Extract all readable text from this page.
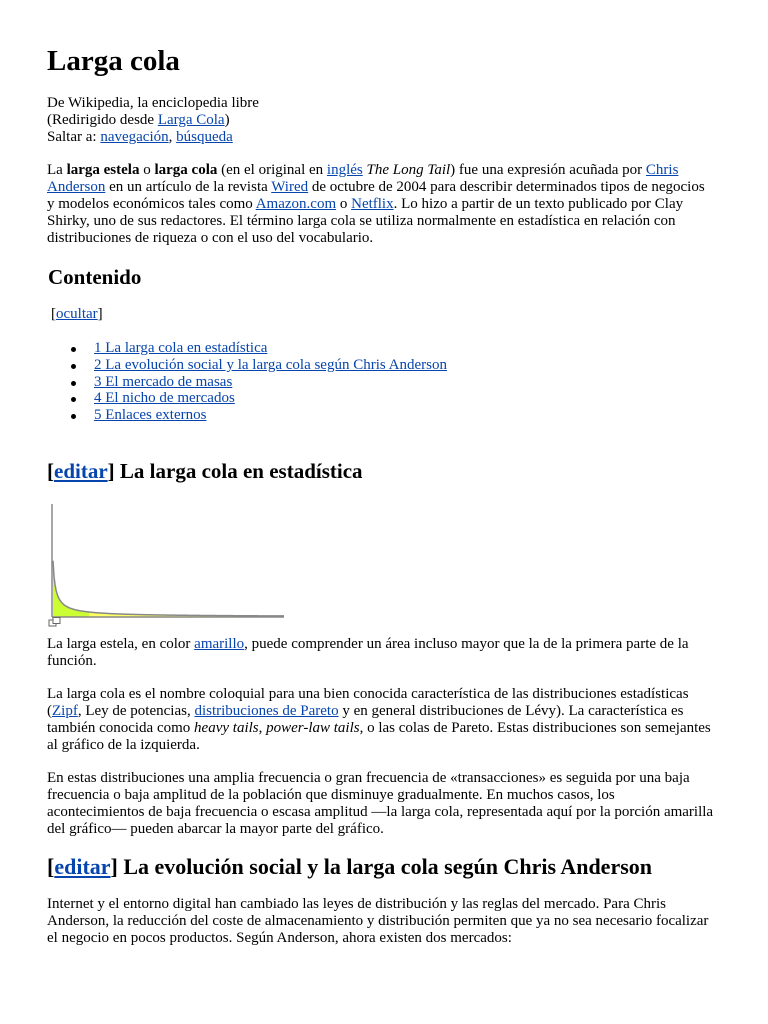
Larga cola
De Wikipedia, la enciclopedia libre
(Redirigido desde Larga Cola)
Saltar a: navegación, búsqueda

La larga estela o larga cola (en el original en inglés The Long Tail) fue una expresión acuñada por Chris Anderson en un artículo de la revista Wired de octubre de 2004 para describir determinados tipos de negocios y modelos económicos tales como Amazon.com o Netflix. Lo hizo a partir de un texto publicado por Clay Shirky, uno de sus redactores. El término larga cola se utiliza normalmente en estadística en relación con distribuciones de riqueza o con el uso del vocabulario.

Contenido
[ocultar]
1 La larga cola en estadística
2 La evolución social y la larga cola según Chris Anderson
3 El mercado de masas
4 El nicho de mercados
5 Enlaces externos
[editar] La larga cola en estadística

La larga estela, en color amarillo, puede comprender un área incluso mayor que la de la primera parte de la función.

La larga cola es el nombre coloquial para una bien conocida característica de las distribuciones estadísticas (Zipf, Ley de potencias, distribuciones de Pareto y en general distribuciones de Lévy). La característica es también conocida como heavy tails, power-law tails, o las colas de Pareto. Estas distribuciones son semejantes al gráfico de la izquierda.

En estas distribuciones una amplia frecuencia o gran frecuencia de «transacciones» es seguida por una baja frecuencia o baja amplitud de la población que disminuye gradualmente. En muchos casos, los acontecimientos de baja frecuencia o escasa amplitud —la larga cola, representada aquí por la porción amarilla del gráfico— pueden abarcar la mayor parte del gráfico.

[editar] La evolución social y la larga cola según Chris Anderson

Internet y el entorno digital han cambiado las leyes de distribución y las reglas del mercado. Para Chris Anderson, la reducción del coste de almacenamiento y distribución permiten que ya no sea necesario focalizar el negocio en pocos productos. Según Anderson, ahora existen dos mercados:
